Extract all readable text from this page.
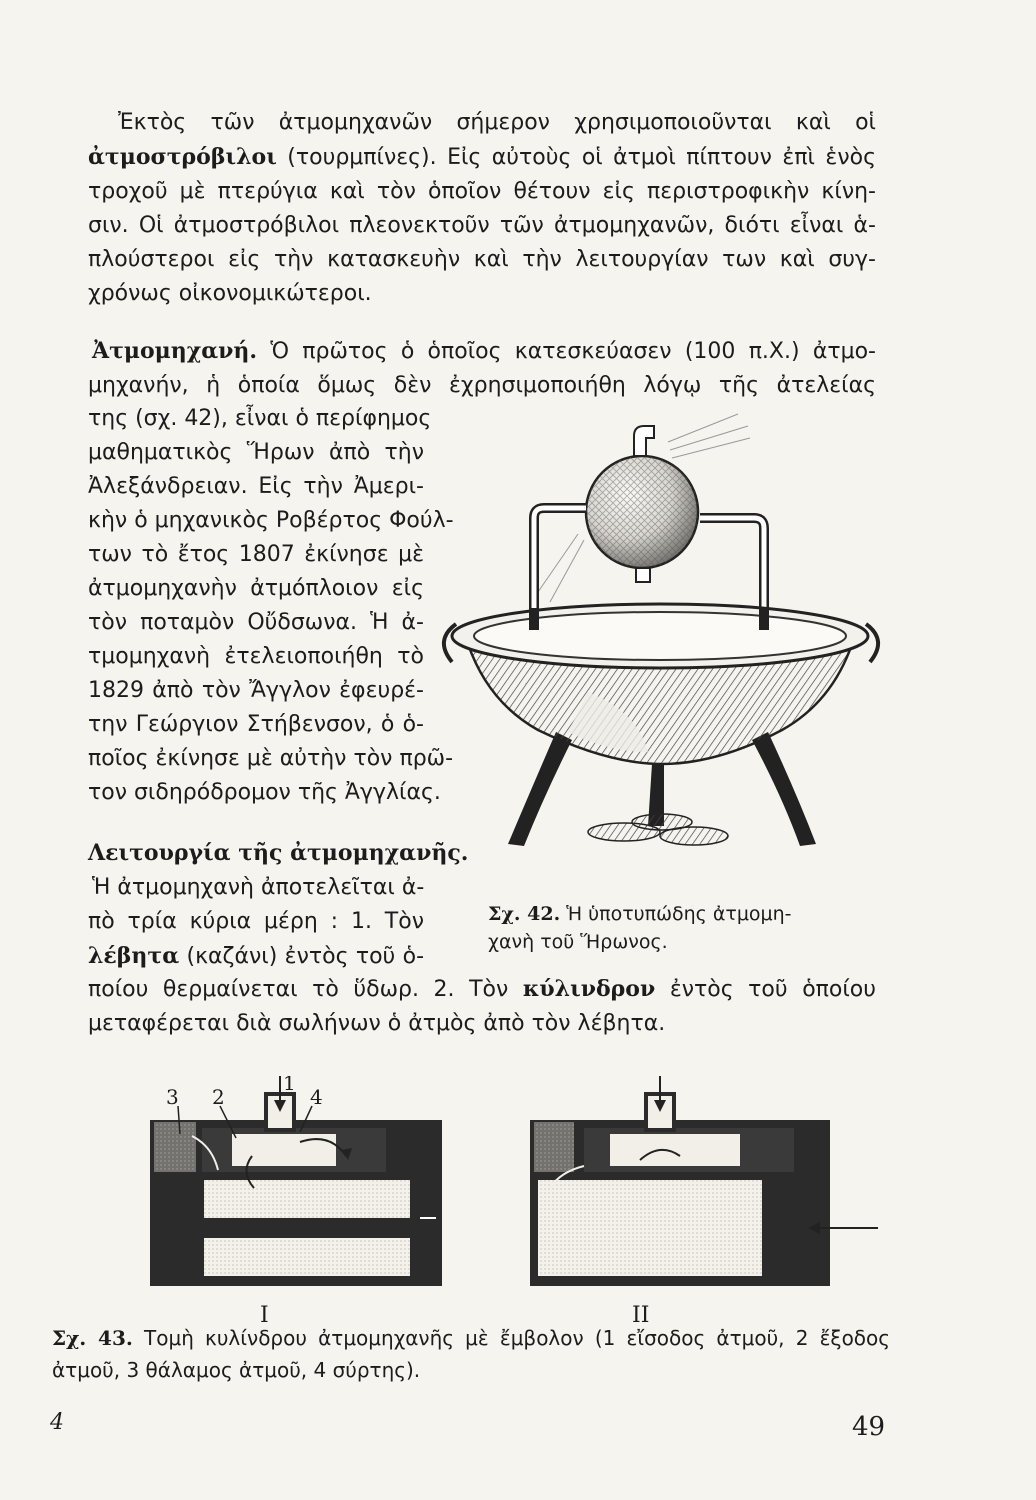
Ἐκτὸς τῶν ἀτμομηχανῶν σήμερον χρησιμοποιοῦνται καὶ οἱ
ἀτμοστρόβιλοι (τουρμπίνες). Εἰς αὐτοὺς οἱ ἀτμοὶ πίπτουν ἐπὶ ἑνὸς
τροχοῦ μὲ πτερύγια καὶ τὸν ὁποῖον θέτουν εἰς περιστροφικὴν κίνη-
σιν. Οἱ ἀτμοστρόβιλοι πλεονεκτοῦν τῶν ἀτμομηχανῶν, διότι εἶναι ἁ-
πλούστεροι εἰς τὴν κατασκευὴν καὶ τὴν λειτουργίαν των καὶ συγ-
χρόνως οἰκονομικώτεροι.
Ἀτμομηχανή. Ὁ πρῶτος ὁ ὁποῖος κατεσκεύασεν (100 π.Χ.) ἀτμο-
μηχανήν, ἡ ὁποία ὅμως δὲν ἐχρησιμοποιήθη λόγῳ τῆς ἀτελείας
της (σχ. 42), εἶναι ὁ περίφημος
μαθηματικὸς Ἥρων ἀπὸ τὴν
Ἀλεξάνδρειαν. Εἰς τὴν Ἀμερι-
κὴν ὁ μηχανικὸς Ροβέρτος Φούλ-
των τὸ ἔτος 1807 ἐκίνησε μὲ
ἀτμομηχανὴν ἀτμόπλοιον εἰς
τὸν ποταμὸν Οὔδσωνα. Ἡ ἀ-
τμομηχανὴ ἐτελειοποιήθη τὸ
1829 ἀπὸ τὸν Ἄγγλον ἐφευρέ-
την Γεώργιον Στήβενσον, ὁ ὁ-
ποῖος ἐκίνησε μὲ αὐτὴν τὸν πρῶ-
τον σιδηρόδρομον τῆς Ἀγγλίας.
Λειτουργία τῆς ἀτμομηχανῆς.
Ἡ ἀτμομηχανὴ ἀποτελεῖται ἀ-
πὸ τρία κύρια μέρη : 1. Τὸν
λέβητα (καζάνι) ἐντὸς τοῦ ὁ-
ποίου θερμαίνεται τὸ ὕδωρ. 2. Τὸν κύλινδρον ἐντὸς τοῦ ὁποίου
μεταφέρεται διὰ σωλήνων ὁ ἀτμὸς ἀπὸ τὸν λέβητα.
Σχ. 42. Ἡ ὑποτυπώδης ἀτμομη-
χανὴ τοῦ Ἥρωνος.
3 2
1
4
I	II
Σχ. 43. Τομὴ κυλίνδρου ἀτμομηχανῆς μὲ ἔμβολον (1 εἴσοδος ἀτμοῦ, 2 ἔξοδος
ἀτμοῦ, 3 θάλαμος ἀτμοῦ, 4 σύρτης).
4	49
